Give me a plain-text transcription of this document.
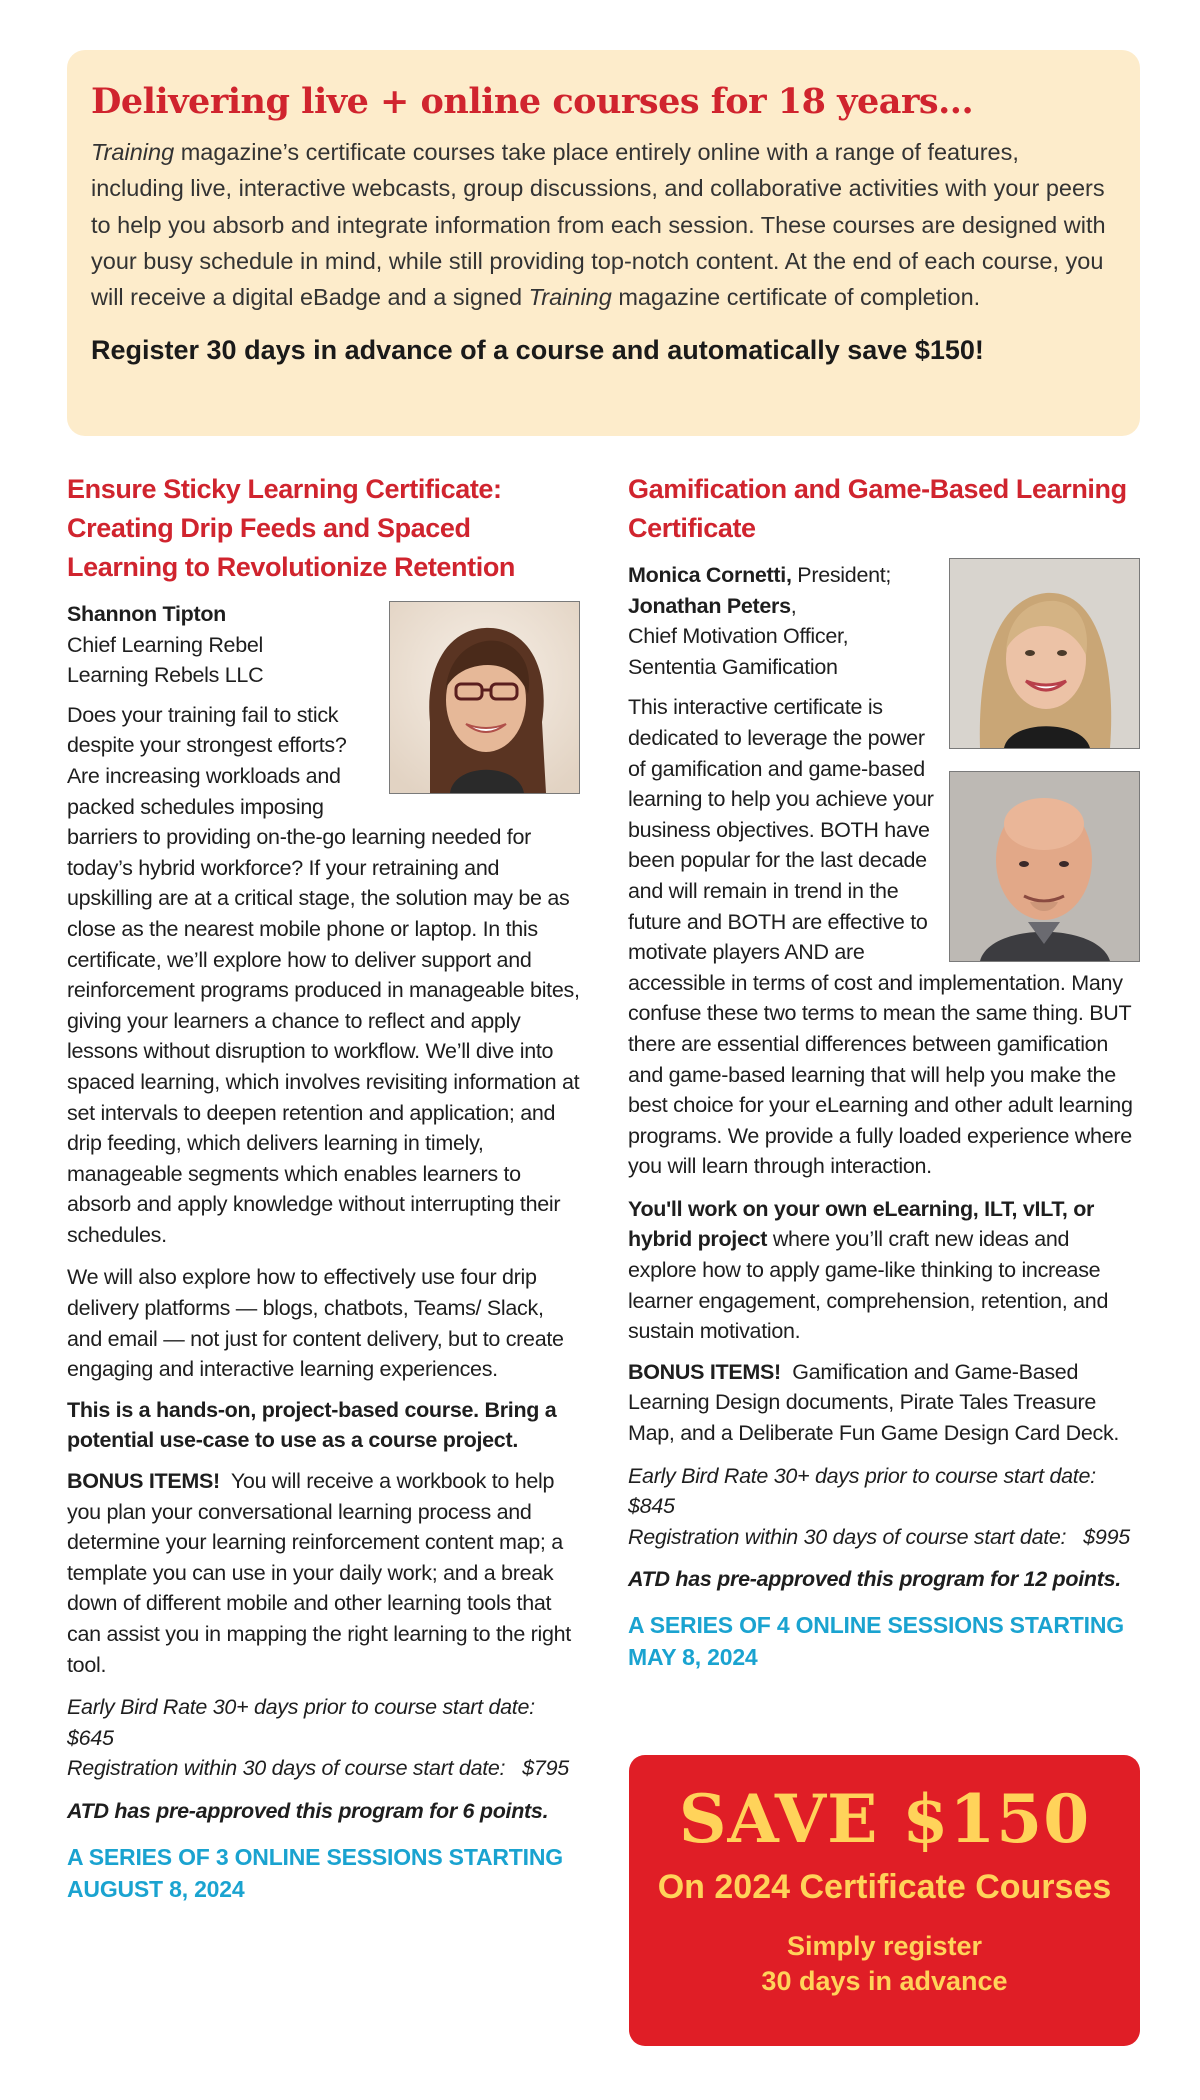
Delivering live + online courses for 18 years...

Training magazine’s certificate courses take place entirely online with a range of features, including live, interactive webcasts, group discussions, and collaborative activities with your peers to help you absorb and integrate information from each session. These courses are designed with your busy schedule in mind, while still providing top-notch content. At the end of each course, you will receive a digital eBadge and a signed Training magazine certificate of completion.

Register 30 days in advance of a course and automatically save $150!

Ensure Sticky Learning Certificate: Creating Drip Feeds and Spaced Learning to Revolutionize Retention
Shannon Tipton
Chief Learning Rebel
Learning Rebels LLC

Does your training fail to stick despite your strongest efforts? Are increasing workloads and packed schedules imposing barriers to providing on-the-go learning needed for today’s hybrid workforce? If your retraining and upskilling are at a critical stage, the solution may be as close as the nearest mobile phone or laptop. In this certificate, we’ll explore how to deliver support and reinforcement programs produced in manageable bites, giving your learners a chance to reflect and apply lessons without disruption to workflow. We’ll dive into spaced learning, which involves revisiting information at set intervals to deepen retention and application; and drip feeding, which delivers learning in timely, manageable segments which enables learners to absorb and apply knowledge without interrupting their schedules.

We will also explore how to effectively use four drip delivery platforms — blogs, chatbots, Teams/ Slack, and email — not just for content delivery, but to create engaging and interactive learning experiences.

This is a hands-on, project-based course. Bring a potential use-case to use as a course project.

BONUS ITEMS! You will receive a workbook to help you plan your conversational learning process and determine your learning reinforcement content map; a template you can use in your daily work; and a break down of different mobile and other learning tools that can assist you in mapping the right learning to the right tool.

Early Bird Rate 30+ days prior to course start date:   $645
Registration within 30 days of course start date: $795
ATD has pre-approved this program for 6 points.
A SERIES OF 3 ONLINE SESSIONS STARTING AUGUST 8, 2024
Gamification and Game-Based Learning Certificate
Monica Cornetti, President;
Jonathan Peters,
Chief Motivation Officer,
Sententia Gamification

This interactive certificate is dedicated to leverage the power of gamification and game-based learning to help you achieve your business objectives. BOTH have been popular for the last decade and will remain in trend in the future and BOTH are effective to motivate players AND are accessible in terms of cost and implementation. Many confuse these two terms to mean the same thing. BUT there are essential differences between gamification and game-based learning that will help you make the best choice for your eLearning and other adult learning programs. We provide a fully loaded experience where you will learn through interaction.

You'll work on your own eLearning, ILT, vILT, or hybrid project where you’ll craft new ideas and explore how to apply game-like thinking to increase learner engagement, comprehension, retention, and sustain motivation.

BONUS ITEMS! Gamification and Game-Based Learning Design documents, Pirate Tales Treasure Map, and a Deliberate Fun Game Design Card Deck.

Early Bird Rate 30+ days prior to course start date:   $845
Registration within 30 days of course start date: $995
ATD has pre-approved this program for 12 points.
A SERIES OF 4 ONLINE SESSIONS STARTING MAY 8, 2024
SAVE $150
On 2024 Certificate Courses
Simply register
30 days in advance
